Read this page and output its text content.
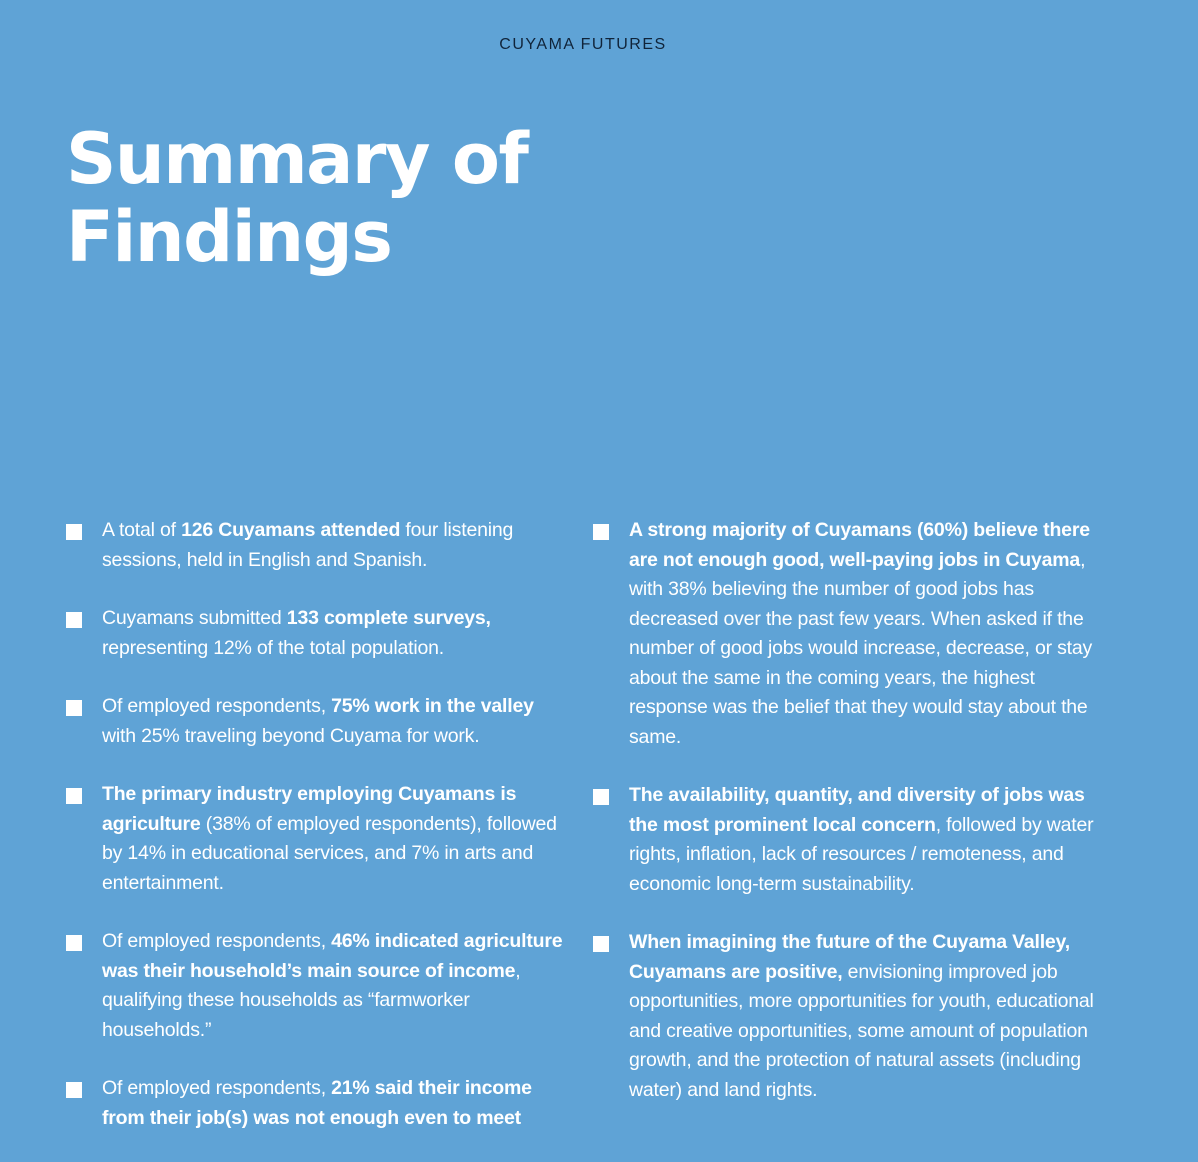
CUYAMA FUTURES
Summary of
Findings
A total of 126 Cuyamans attended four listening sessions, held in English and Spanish.
Cuyamans submitted 133 complete surveys, representing 12% of the total population.
Of employed respondents, 75% work in the valley with 25% traveling beyond Cuyama for work.
The primary industry employing Cuyamans is agriculture (38% of employed respondents), followed by 14% in educational services, and 7% in arts and entertainment.
Of employed respondents, 46% indicated agriculture was their household’s main source of income, qualifying these households as “farmworker households.”
Of employed respondents, 21% said their income from their job(s) was not enough even to meet
A strong majority of Cuyamans (60%) believe there are not enough good, well-paying jobs in Cuyama, with 38% believing the number of good jobs has decreased over the past few years. When asked if the number of good jobs would increase, decrease, or stay about the same in the coming years, the highest response was the belief that they would stay about the same.
The availability, quantity, and diversity of jobs was the most prominent local concern, followed by water rights, inflation, lack of resources / remoteness, and economic long-term sustainability.
When imagining the future of the Cuyama Valley, Cuyamans are positive, envisioning improved job opportunities, more opportunities for youth, educational and creative opportunities, some amount of population growth, and the protection of natural assets (including water) and land rights.
